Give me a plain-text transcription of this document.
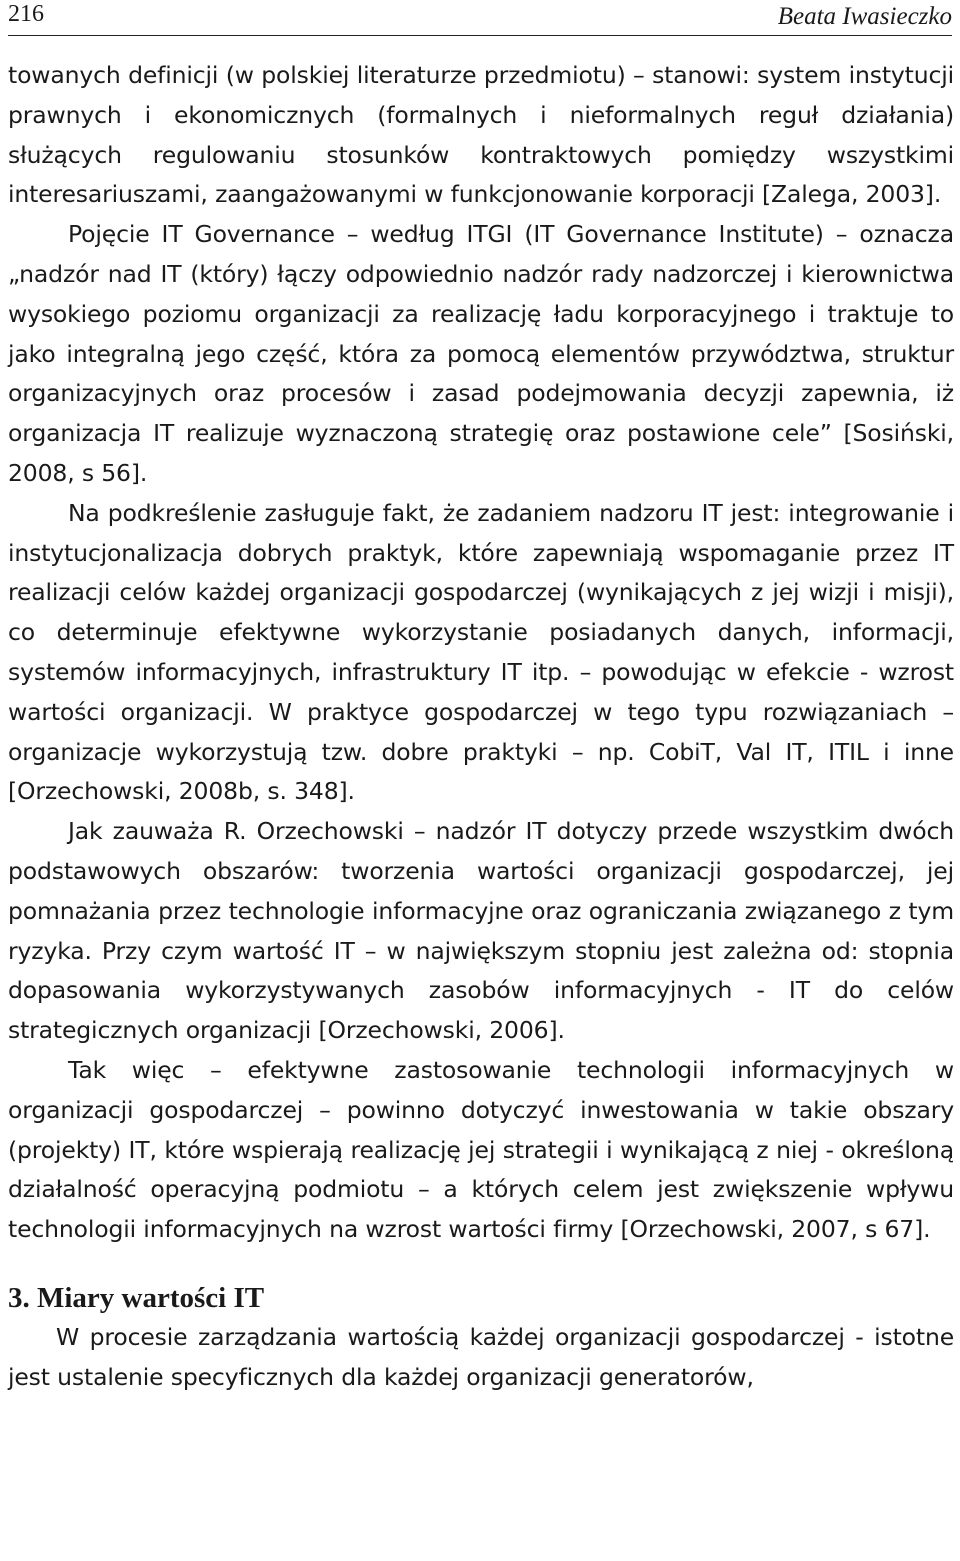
216	Beata Iwasieczko

towanych definicji (w polskiej literaturze przedmiotu) – stanowi: system instytucji prawnych i ekonomicznych (formalnych i nieformalnych reguł działania) służących regulowaniu stosunków kontraktowych pomiędzy wszystkimi interesariuszami, zaangażowanymi w funkcjonowanie korporacji [Zalega, 2003].

Pojęcie IT Governance – według ITGI (IT Governance Institute) – oznacza „nadzór nad IT (który) łączy odpowiednio nadzór rady nadzorczej i kierownictwa wysokiego poziomu organizacji za realizację ładu korporacyjnego i traktuje to jako integralną jego część, która za pomocą elementów przywództwa, struktur organizacyjnych oraz procesów i zasad podejmowania decyzji zapewnia, iż organizacja IT realizuje wyznaczoną strategię oraz postawione cele” [Sosiński, 2008, s 56].

Na podkreślenie zasługuje fakt, że zadaniem nadzoru IT jest: integrowanie i instytucjonalizacja dobrych praktyk, które zapewniają wspomaganie przez IT realizacji celów każdej organizacji gospodarczej (wynikających z jej wizji i misji), co determinuje efektywne wykorzystanie posiadanych danych, informacji, systemów informacyjnych, infrastruktury IT itp. – powodując w efekcie - wzrost wartości organizacji. W praktyce gospodarczej w tego typu rozwiązaniach – organizacje wykorzystują tzw. dobre praktyki – np. CobiT, Val IT, ITIL i inne [Orzechowski, 2008b, s. 348].

Jak zauważa R. Orzechowski – nadzór IT dotyczy przede wszystkim dwóch podstawowych obszarów: tworzenia wartości organizacji gospodarczej, jej pomnażania przez technologie informacyjne oraz ograniczania związanego z tym ryzyka. Przy czym wartość IT – w największym stopniu jest zależna od: stopnia dopasowania wykorzystywanych zasobów informacyjnych - IT do celów strategicznych organizacji [Orzechowski, 2006].

Tak więc – efektywne zastosowanie technologii informacyjnych w organizacji gospodarczej – powinno dotyczyć inwestowania w takie obszary (projekty) IT, które wspierają realizację jej strategii i wynikającą z niej - określoną działalność operacyjną podmiotu – a których celem jest zwiększenie wpływu technologii informacyjnych na wzrost wartości firmy [Orzechowski, 2007, s 67].

3. Miary wartości IT

W procesie zarządzania wartością każdej organizacji gospodarczej - istotne jest ustalenie specyficznych dla każdej organizacji generatorów,
